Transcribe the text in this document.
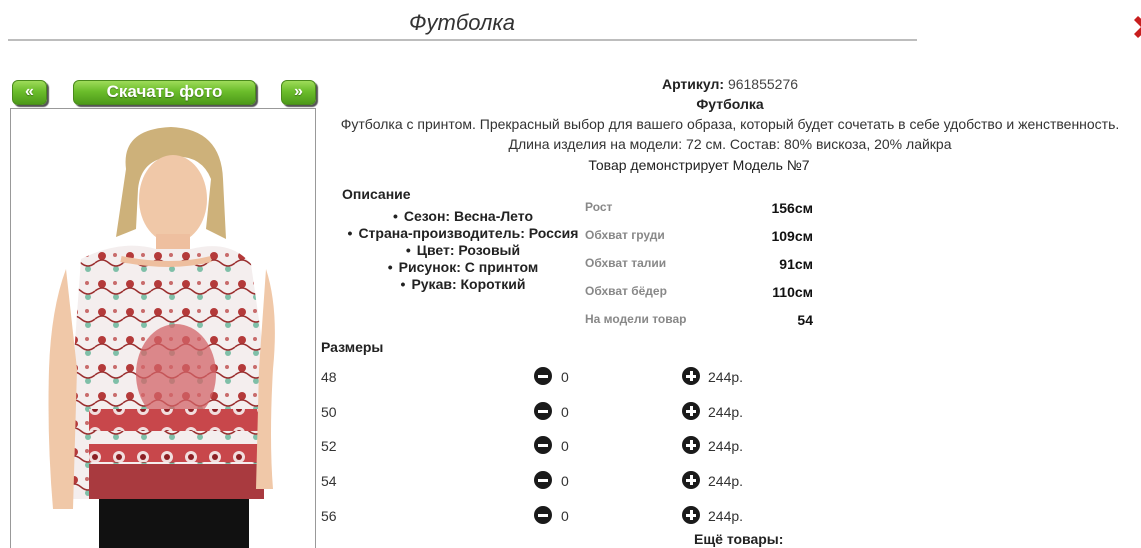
Футболка
«	Скачать фото	»	Артикул: 961855276
Футболка
Футболка с принтом. Прекрасный выбор для вашего образа, который будет сочетать в себе удобство и женственность.
Длина изделия на модели: 72 см. Состав: 80% вискоза, 20% лайкра
Товар демонстрирует Модель №7
Описание
• Сезон: Весна-Лето
• Страна-производитель: Россия
• Цвет: Розовый
• Рисунок: С принтом
• Рукав: Короткий
Рост	156см
Обхват груди	109см
Обхват талии	91см
Обхват бёдер	110см
На модели товар	54
Размеры
48	0	244р.
50	0	244р.
52	0	244р.
54	0	244р.
56	0	244р.
Ещё товары:
